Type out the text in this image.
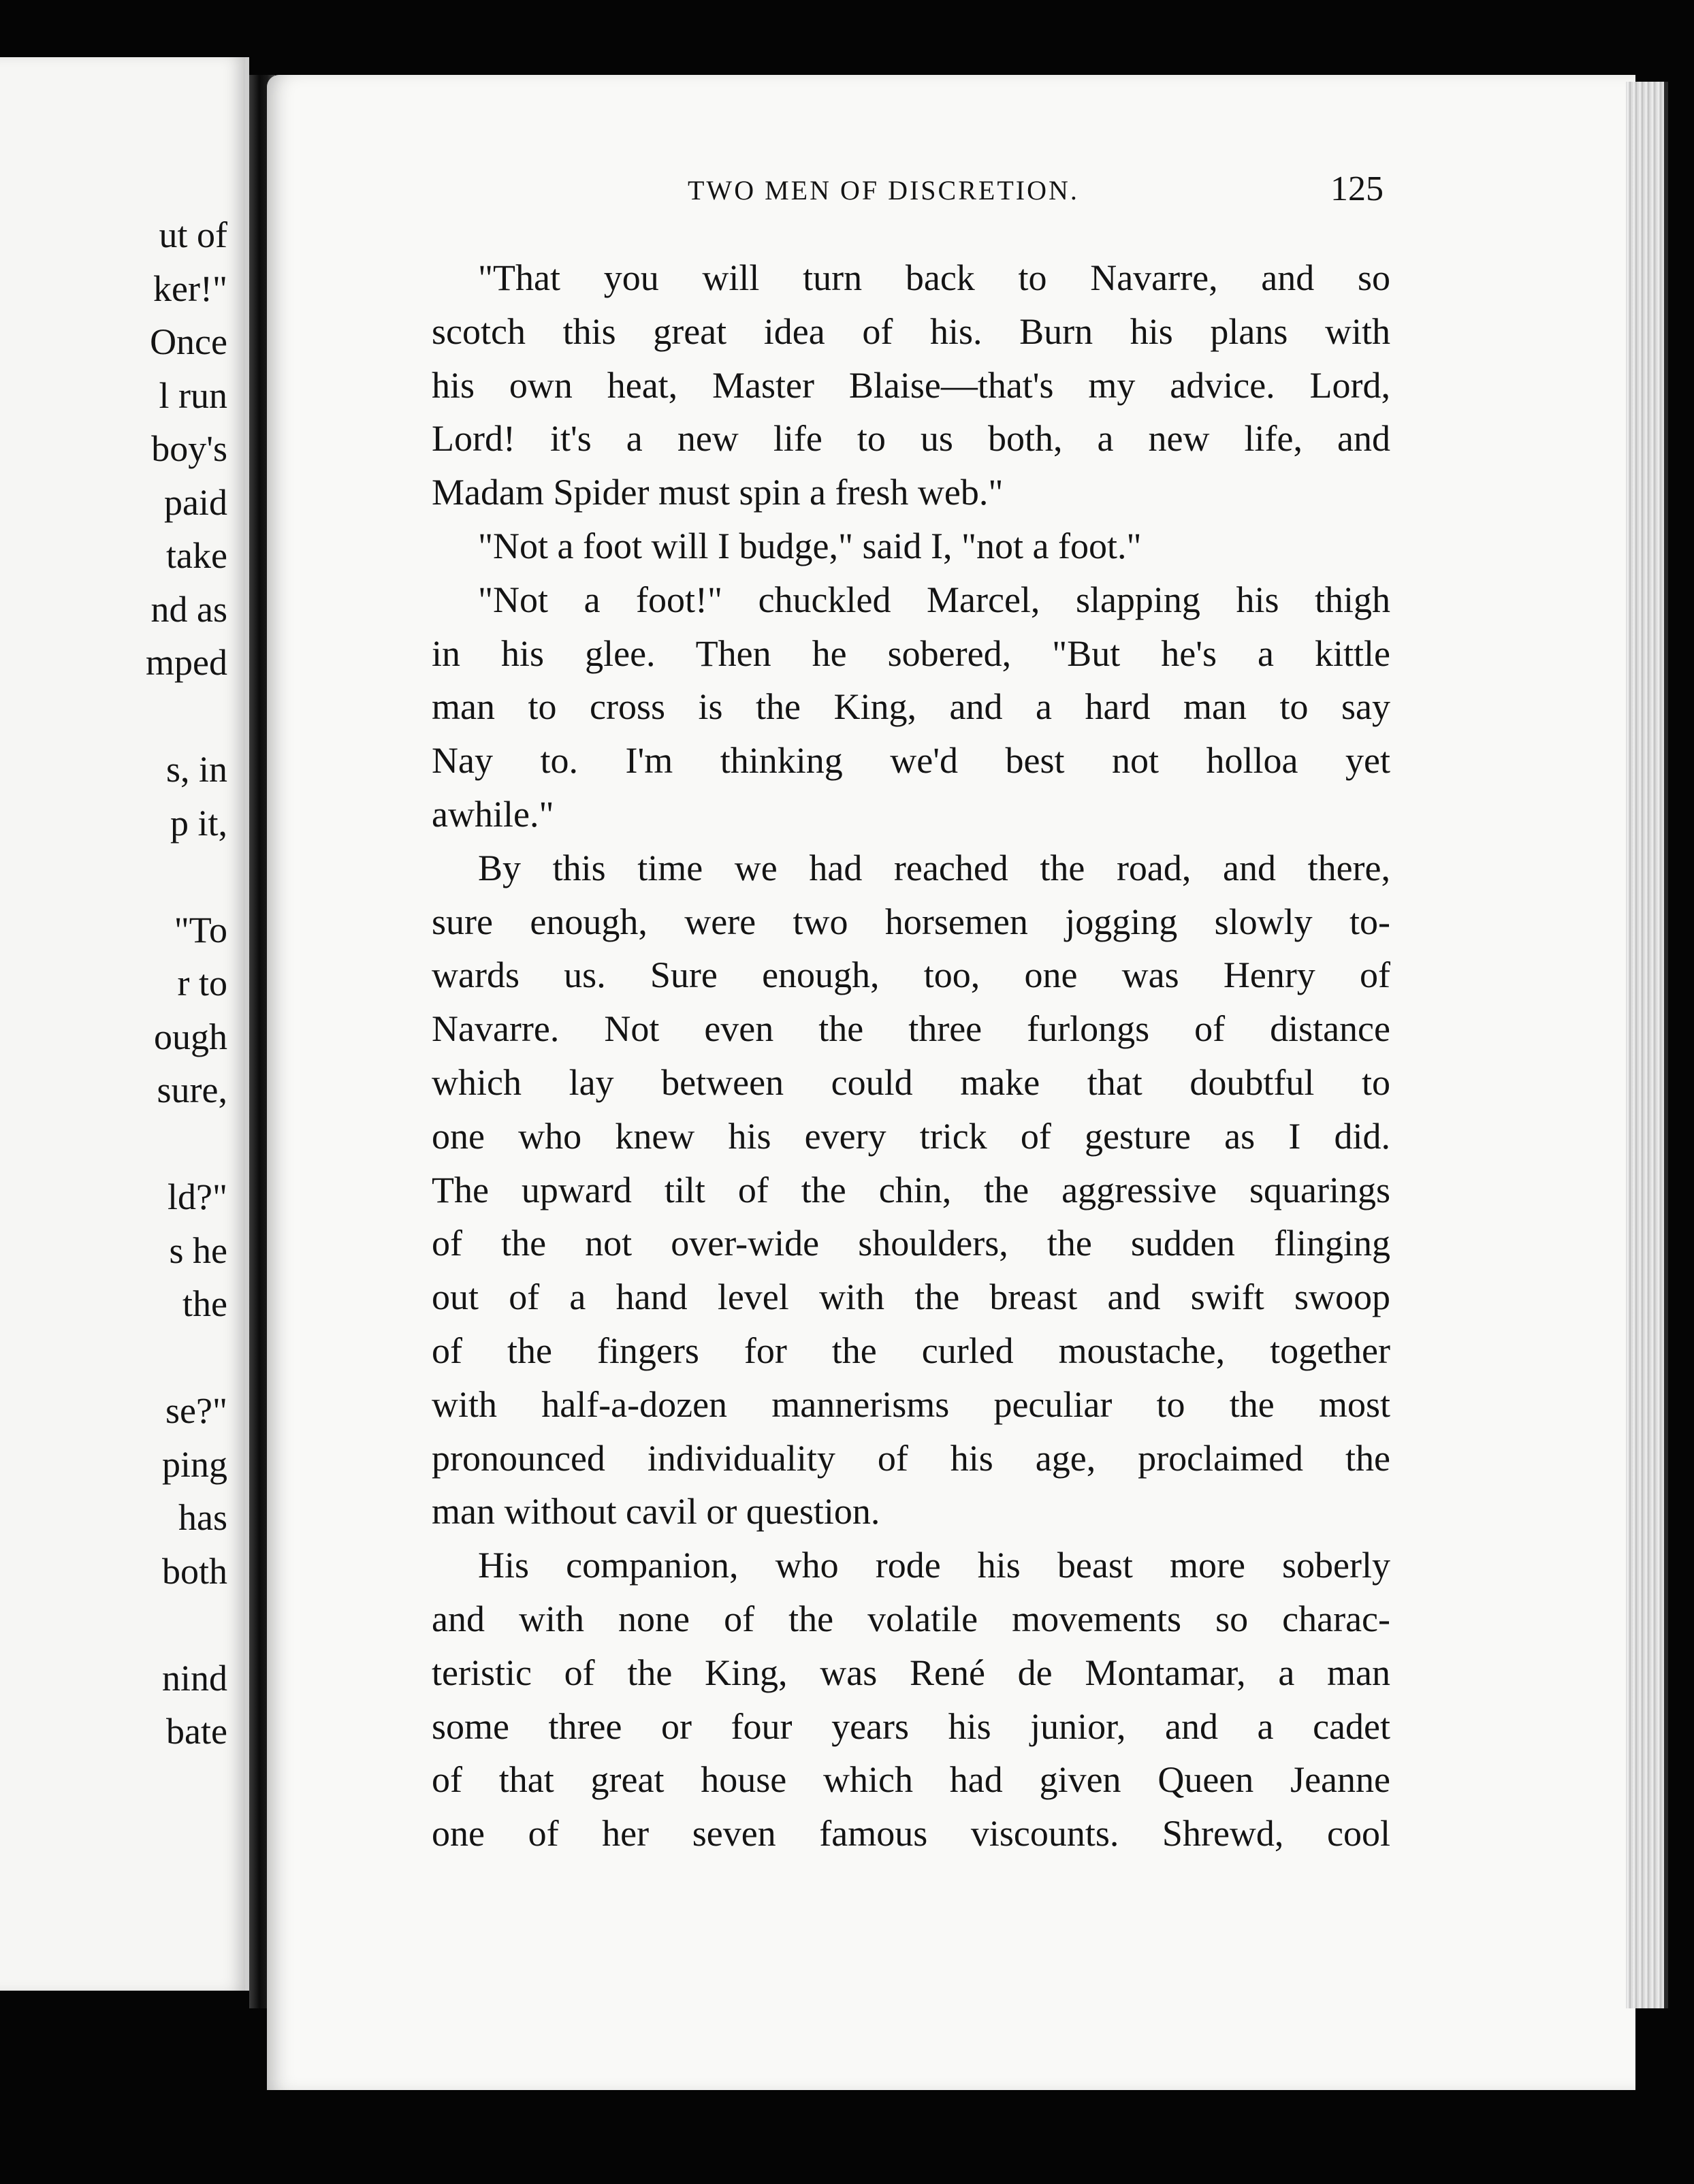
ut of
ker!"
Once
l run
boy's
paid
take
nd as
mped
s, in
p it,
"To
r to
ough
sure,
ld?"
s he
the
se?"
ping
has
both
nind
bate
TWO MEN OF DISCRETION.	125
"That you will turn back to Navarre, and so
scotch this great idea of his. Burn his plans with
his own heat, Master Blaise—that's my advice. Lord,
Lord! it's a new life to us both, a new life, and
Madam Spider must spin a fresh web."
"Not a foot will I budge," said I, "not a foot."
"Not a foot!" chuckled Marcel, slapping his thigh
in his glee. Then he sobered, "But he's a kittle
man to cross is the King, and a hard man to say
Nay to. I'm thinking we'd best not holloa yet
awhile."
By this time we had reached the road, and there,
sure enough, were two horsemen jogging slowly to-
wards us. Sure enough, too, one was Henry of
Navarre. Not even the three furlongs of distance
which lay between could make that doubtful to
one who knew his every trick of gesture as I did.
The upward tilt of the chin, the aggressive squarings
of the not over-wide shoulders, the sudden flinging
out of a hand level with the breast and swift swoop
of the fingers for the curled moustache, together
with half-a-dozen mannerisms peculiar to the most
pronounced individuality of his age, proclaimed the
man without cavil or question.
His companion, who rode his beast more soberly
and with none of the volatile movements so charac-
teristic of the King, was René de Montamar, a man
some three or four years his junior, and a cadet
of that great house which had given Queen Jeanne
one of her seven famous viscounts. Shrewd, cool
